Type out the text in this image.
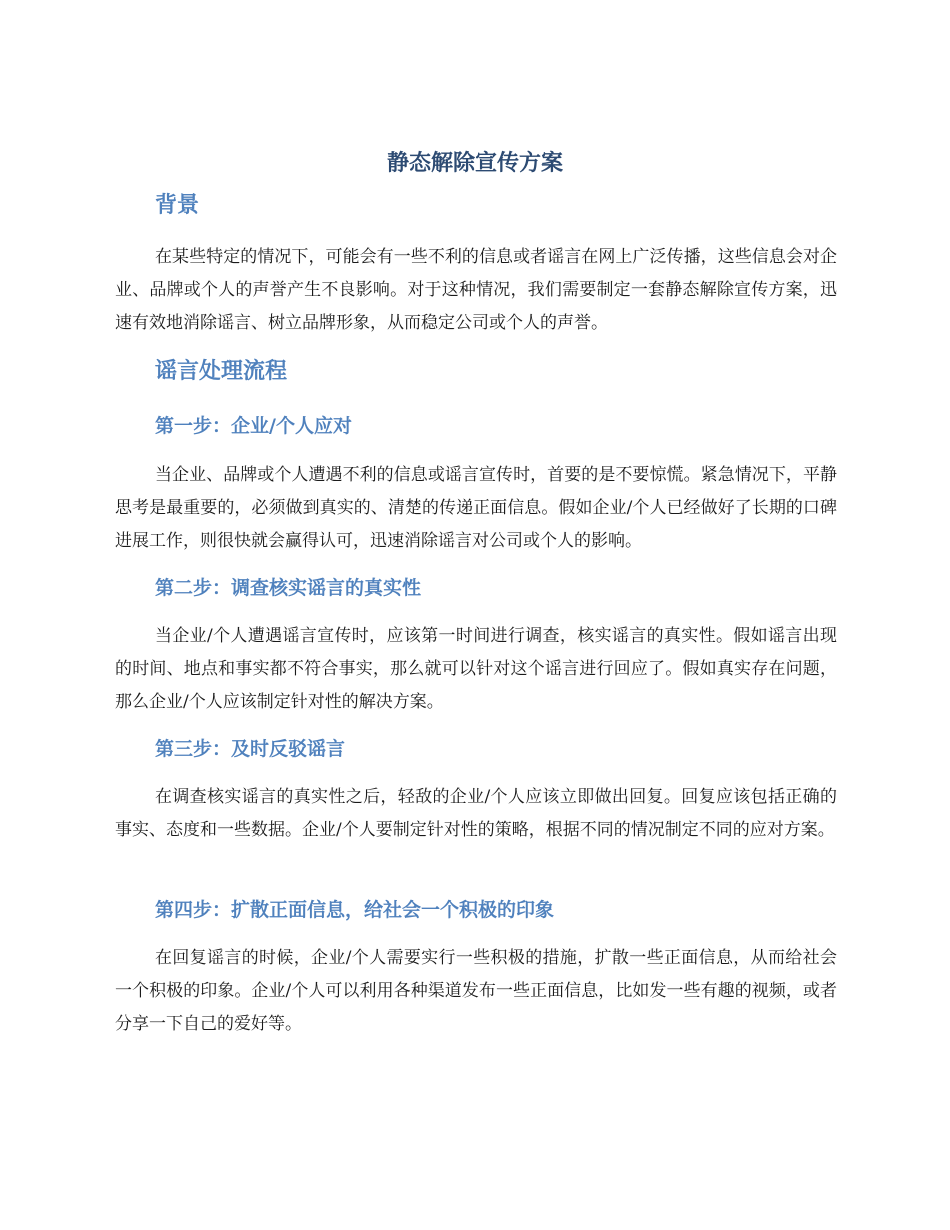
静态解除宣传方案
背景
在某些特定的情况下，可能会有一些不利的信息或者谣言在网上广泛传播，这些信息会对企业、品牌或个人的声誉产生不良影响。对于这种情况，我们需要制定一套静态解除宣传方案，迅速有效地消除谣言、树立品牌形象，从而稳定公司或个人的声誉。
谣言处理流程
第一步：企业/个人应对
当企业、品牌或个人遭遇不利的信息或谣言宣传时，首要的是不要惊慌。紧急情况下，平静思考是最重要的，必须做到真实的、清楚的传递正面信息。假如企业/个人已经做好了长期的口碑进展工作，则很快就会赢得认可，迅速消除谣言对公司或个人的影响。
第二步：调查核实谣言的真实性
当企业/个人遭遇谣言宣传时，应该第一时间进行调查，核实谣言的真实性。假如谣言出现的时间、地点和事实都不符合事实，那么就可以针对这个谣言进行回应了。假如真实存在问题，那么企业/个人应该制定针对性的解决方案。
第三步：及时反驳谣言
在调查核实谣言的真实性之后，轻敌的企业/个人应该立即做出回复。回复应该包括正确的事实、态度和一些数据。企业/个人要制定针对性的策略，根据不同的情况制定不同的应对方案。
第四步：扩散正面信息，给社会一个积极的印象
在回复谣言的时候，企业/个人需要实行一些积极的措施，扩散一些正面信息，从而给社会一个积极的印象。企业/个人可以利用各种渠道发布一些正面信息，比如发一些有趣的视频，或者分享一下自己的爱好等。
